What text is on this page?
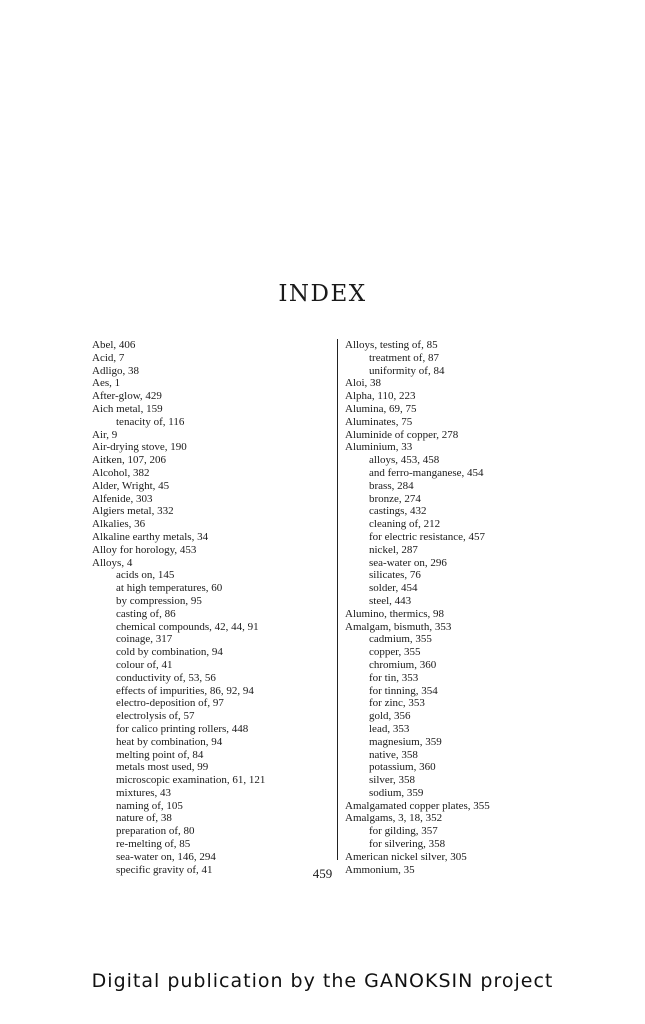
INDEX
Abel, 406
Acid, 7
Adligo, 38
Aes, 1
After-glow, 429
Aich metal, 159
tenacity of, 116
Air, 9
Air-drying stove, 190
Aitken, 107, 206
Alcohol, 382
Alder, Wright, 45
Alfenide, 303
Algiers metal, 332
Alkalies, 36
Alkaline earthy metals, 34
Alloy for horology, 453
Alloys, 4
acids on, 145
at high temperatures, 60
by compression, 95
casting of, 86
chemical compounds, 42, 44, 91
coinage, 317
cold by combination, 94
colour of, 41
conductivity of, 53, 56
effects of impurities, 86, 92, 94
electro-deposition of, 97
electrolysis of, 57
for calico printing rollers, 448
heat by combination, 94
melting point of, 84
metals most used, 99
microscopic examination, 61, 121
mixtures, 43
naming of, 105
nature of, 38
preparation of, 80
re-melting of, 85
sea-water on, 146, 294
specific gravity of, 41
Alloys, testing of, 85
treatment of, 87
uniformity of, 84
Aloi, 38
Alpha, 110, 223
Alumina, 69, 75
Aluminates, 75
Aluminide of copper, 278
Aluminium, 33
alloys, 453, 458
and ferro-manganese, 454
brass, 284
bronze, 274
castings, 432
cleaning of, 212
for electric resistance, 457
nickel, 287
sea-water on, 296
silicates, 76
solder, 454
steel, 443
Alumino, thermics, 98
Amalgam, bismuth, 353
cadmium, 355
copper, 355
chromium, 360
for tin, 353
for tinning, 354
for zinc, 353
gold, 356
lead, 353
magnesium, 359
native, 358
potassium, 360
silver, 358
sodium, 359
Amalgamated copper plates, 355
Amalgams, 3, 18, 352
for gilding, 357
for silvering, 358
American nickel silver, 305
Ammonium, 35
459
Digital publication by the GANOKSIN project
